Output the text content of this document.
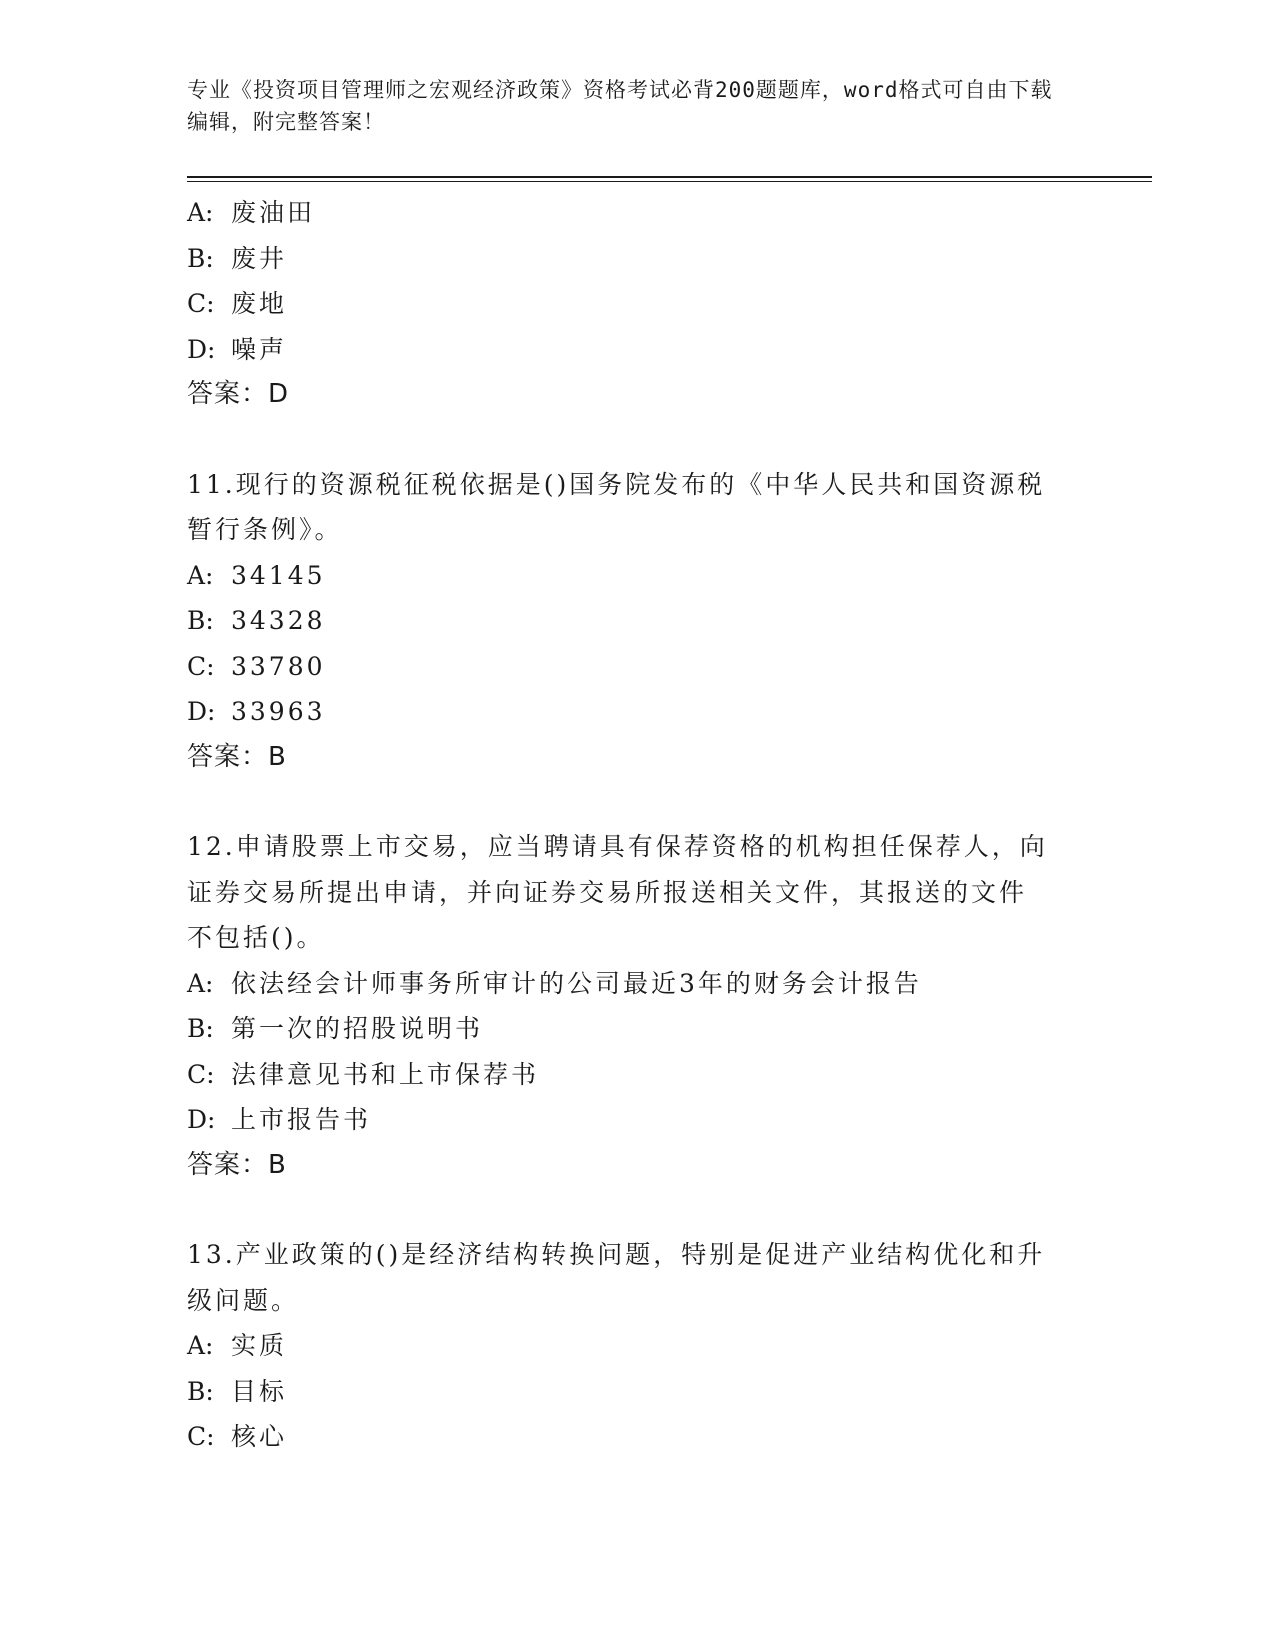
专业《投资项目管理师之宏观经济政策》资格考试必背200题题库，word格式可自由下载编辑，附完整答案！
A: 废油田
B: 废井
C: 废地
D: 噪声
答案：D
11.现行的资源税征税依据是()国务院发布的《中华人民共和国资源税
暂行条例》。
A: 34145
B: 34328
C: 33780
D: 33963
答案：B
12.申请股票上市交易，应当聘请具有保荐资格的机构担任保荐人，向
证券交易所提出申请，并向证券交易所报送相关文件，其报送的文件
不包括()。
A: 依法经会计师事务所审计的公司最近3年的财务会计报告
B: 第一次的招股说明书
C: 法律意见书和上市保荐书
D: 上市报告书
答案：B
13.产业政策的()是经济结构转换问题，特别是促进产业结构优化和升
级问题。
A: 实质
B: 目标
C: 核心
